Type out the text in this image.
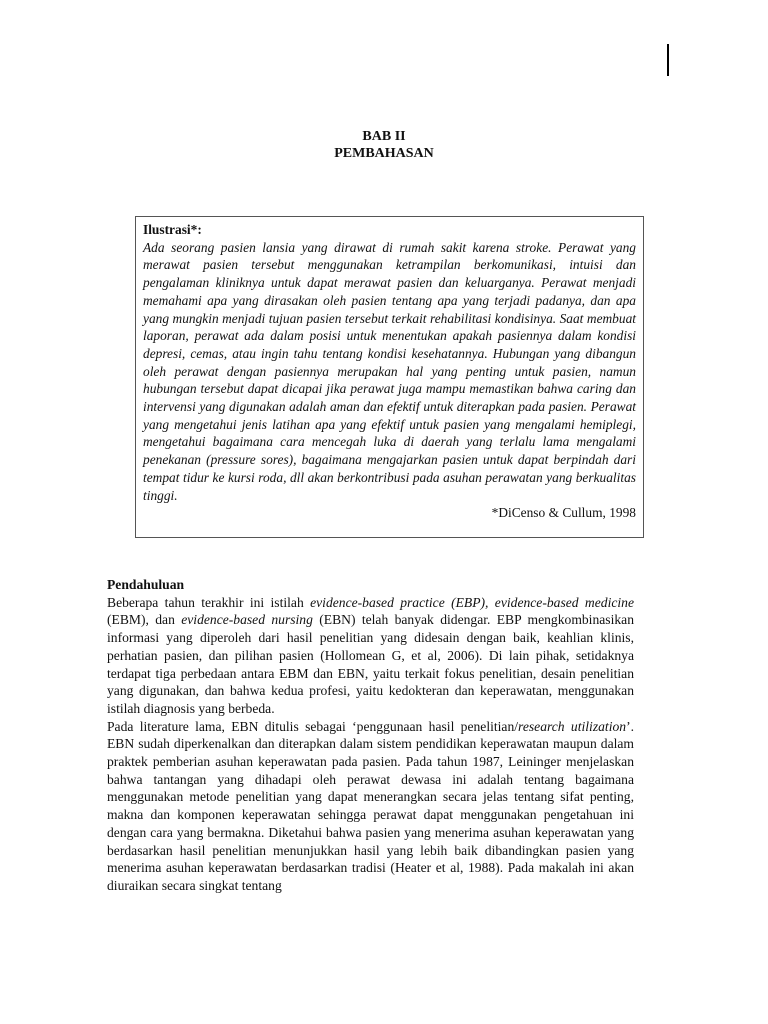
BAB II
PEMBAHASAN
Ilustrasi*:
Ada seorang pasien lansia yang dirawat di rumah sakit karena stroke. Perawat yang merawat pasien tersebut menggunakan ketrampilan berkomunikasi, intuisi dan pengalaman kliniknya untuk dapat merawat pasien dan keluarganya. Perawat menjadi memahami apa yang dirasakan oleh pasien tentang apa yang terjadi padanya, dan apa yang mungkin menjadi tujuan pasien tersebut terkait rehabilitasi kondisinya. Saat membuat laporan, perawat ada dalam posisi untuk menentukan apakah pasiennya dalam kondisi depresi, cemas, atau ingin tahu tentang kondisi kesehatannya. Hubungan yang dibangun oleh perawat dengan pasiennya merupakan hal yang penting untuk pasien, namun hubungan tersebut dapat dicapai jika perawat juga mampu memastikan bahwa caring dan intervensi yang digunakan adalah aman dan efektif untuk diterapkan pada pasien. Perawat yang mengetahui jenis latihan apa yang efektif untuk pasien yang mengalami hemiplegi, mengetahui bagaimana cara mencegah luka di daerah yang terlalu lama mengalami penekanan (pressure sores), bagaimana mengajarkan pasien untuk dapat berpindah dari tempat tidur ke kursi roda, dll akan berkontribusi pada asuhan perawatan yang berkualitas tinggi.
*DiCenso & Cullum, 1998
Pendahuluan

Beberapa tahun terakhir ini istilah evidence-based practice (EBP), evidence-based medicine (EBM), dan evidence-based nursing (EBN) telah banyak didengar. EBP mengkombinasikan informasi yang diperoleh dari hasil penelitian yang didesain dengan baik, keahlian klinis, perhatian pasien, dan pilihan pasien (Hollomean G, et al, 2006). Di lain pihak, setidaknya terdapat tiga perbedaan antara EBM dan EBN, yaitu terkait fokus penelitian, desain penelitian yang digunakan, dan bahwa kedua profesi, yaitu kedokteran dan keperawatan, menggunakan istilah diagnosis yang berbeda.

Pada literature lama, EBN ditulis sebagai ‘penggunaan hasil penelitian/research utilization’. EBN sudah diperkenalkan dan diterapkan dalam sistem pendidikan keperawatan maupun dalam praktek pemberian asuhan keperawatan pada pasien. Pada tahun 1987, Leininger menjelaskan bahwa tantangan yang dihadapi oleh perawat dewasa ini adalah tentang bagaimana menggunakan metode penelitian yang dapat menerangkan secara jelas tentang sifat penting, makna dan komponen keperawatan sehingga perawat dapat menggunakan pengetahuan ini dengan cara yang bermakna. Diketahui bahwa pasien yang menerima asuhan keperawatan yang berdasarkan hasil penelitian menunjukkan hasil yang lebih baik dibandingkan pasien yang menerima asuhan keperawatan berdasarkan tradisi (Heater et al, 1988). Pada makalah ini akan diuraikan secara singkat tentang
